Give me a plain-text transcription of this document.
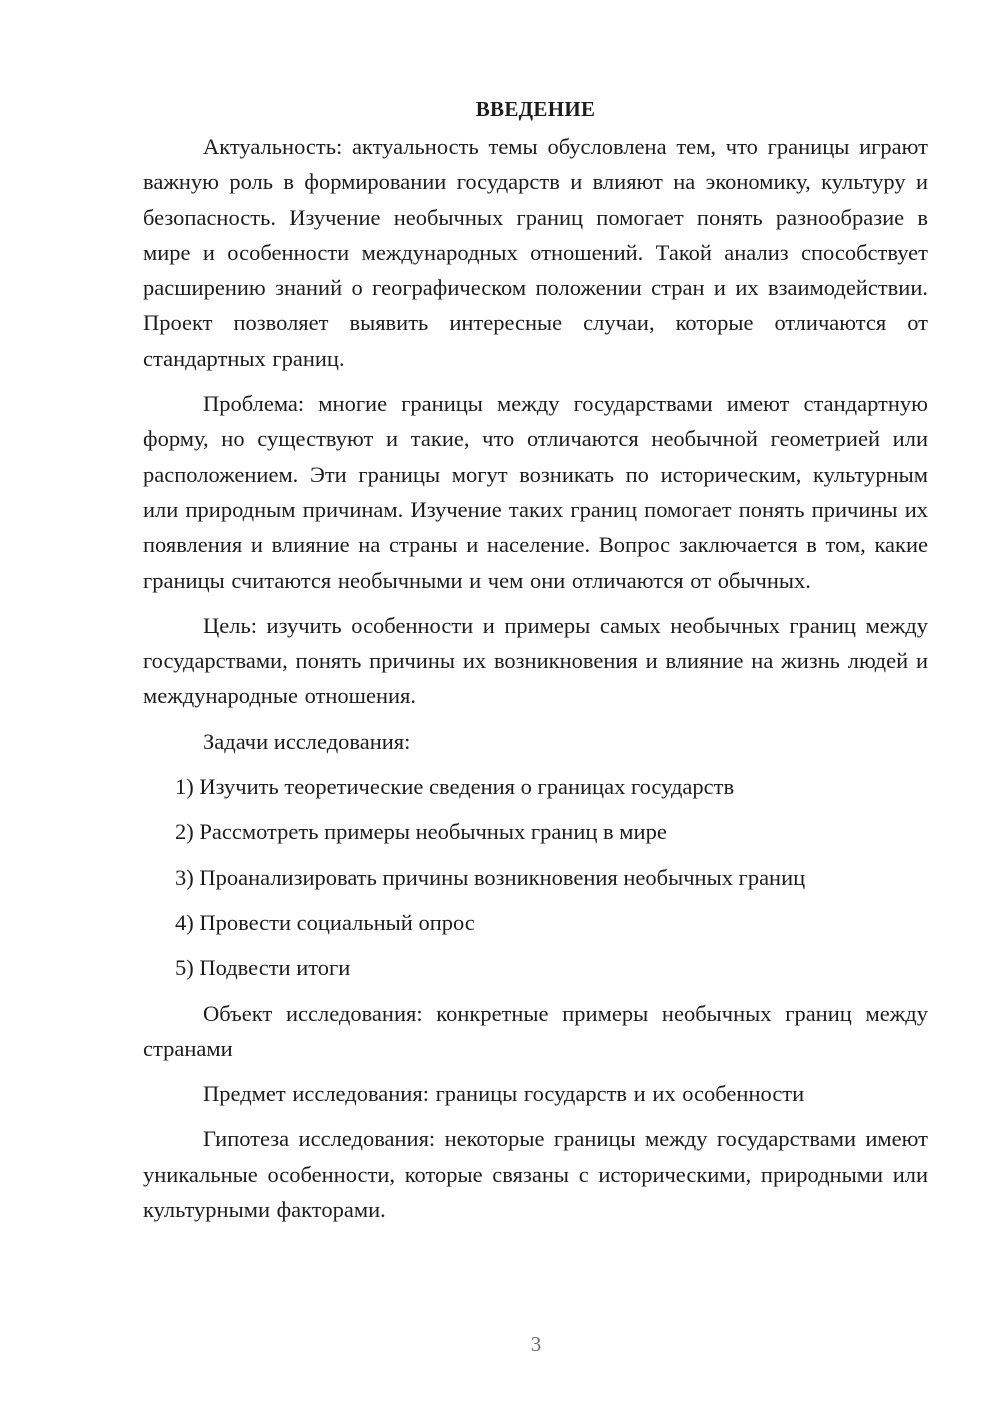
ВВЕДЕНИЕ

Актуальность: актуальность темы обусловлена тем, что границы играют важную роль в формировании государств и влияют на экономику, культуру и безопасность. Изучение необычных границ помогает понять разнообразие в мире и особенности международных отношений. Такой анализ способствует расширению знаний о географическом положении стран и их взаимодействии. Проект позволяет выявить интересные случаи, которые отличаются от стандартных границ.

Проблема: многие границы между государствами имеют стандартную форму, но существуют и такие, что отличаются необычной геометрией или расположением. Эти границы могут возникать по историческим, культурным или природным причинам. Изучение таких границ помогает понять причины их появления и влияние на страны и население. Вопрос заключается в том, какие границы считаются необычными и чем они отличаются от обычных.

Цель: изучить особенности и примеры самых необычных границ между государствами, понять причины их возникновения и влияние на жизнь людей и международные отношения.

Задачи исследования:

1) Изучить теоретические сведения о границах государств
2) Рассмотреть примеры необычных границ в мире
3) Проанализировать причины возникновения необычных границ
4) Провести социальный опрос
5) Подвести итоги

Объект исследования: конкретные примеры необычных границ между странами

Предмет исследования: границы государств и их особенности

Гипотеза исследования: некоторые границы между государствами имеют уникальные особенности, которые связаны с историческими, природными или культурными факторами.

3
